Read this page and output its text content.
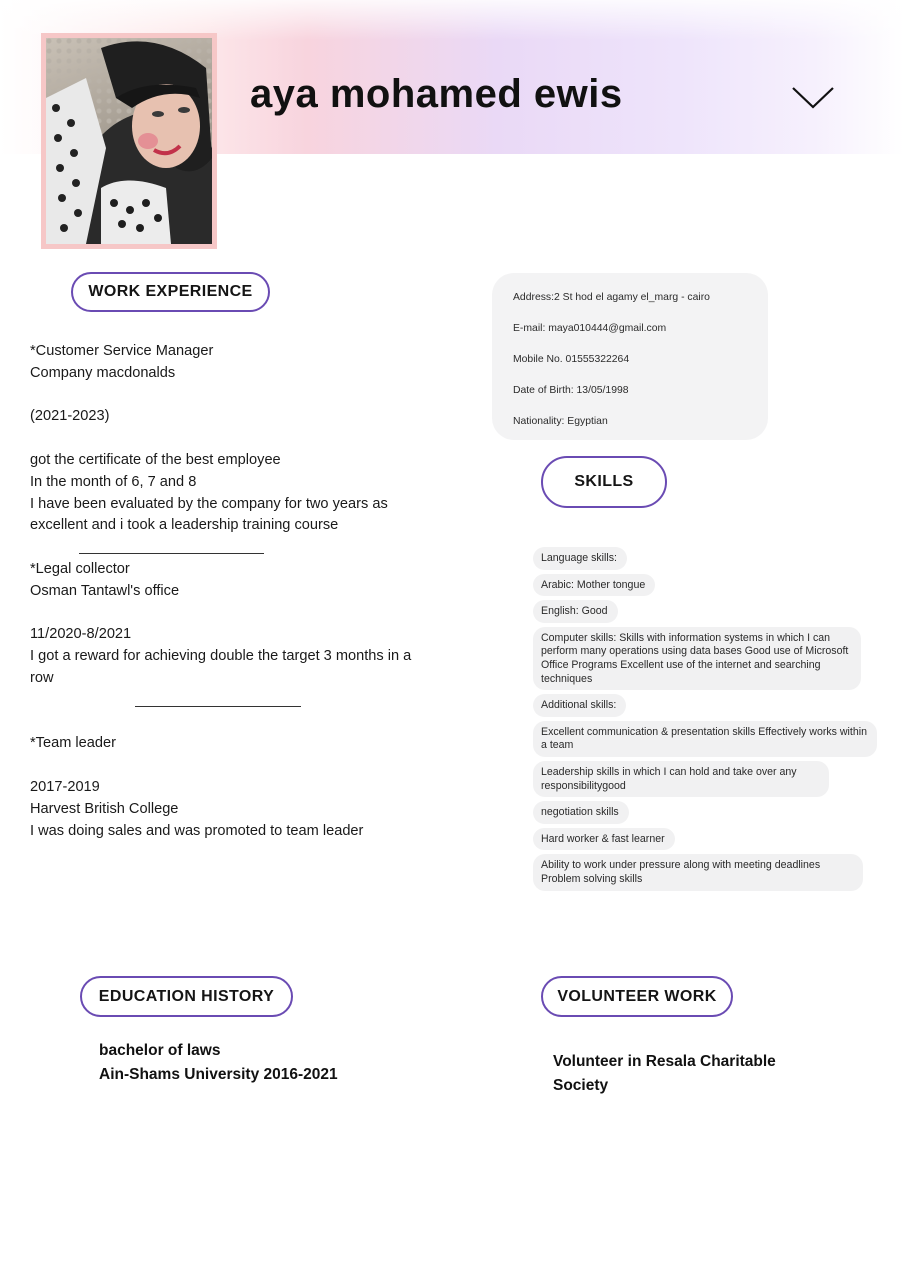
aya mohamed ewis
WORK EXPERIENCE

*Customer Service Manager

Company macdonalds

(2021-2023)

got the certificate of the best employee

In the month of 6, 7 and 8

I have been evaluated by the company for two years as excellent and i took a leadership training course

*Legal collector

Osman Tantawl's office

11/2020-8/2021

I got a reward for achieving double the target 3 months in a row

*Team leader

2017-2019

Harvest British College

I was doing sales and was promoted to team leader

Address:2 St hod el agamy el_marg - cairo
E-mail: maya010444@gmail.com
Mobile No. 01555322264
Date of Birth: 13/05/1998
Nationality: Egyptian
SKILLS
Language skills:
Arabic: Mother tongue
English: Good
Computer skills: Skills with information systems in which I can perform many operations using data bases Good use of Microsoft Office Programs Excellent use of the internet and searching techniques
Additional skills:
Excellent communication & presentation skills Effectively works within a team
Leadership skills in which I can hold and take over any responsibilitygood
negotiation skills
Hard worker & fast learner
Ability to work under pressure along with meeting deadlines Problem solving skills
EDUCATION HISTORY
bachelor of laws
Ain-Shams University 2016-2021
VOLUNTEER WORK
Volunteer in Resala Charitable Society
